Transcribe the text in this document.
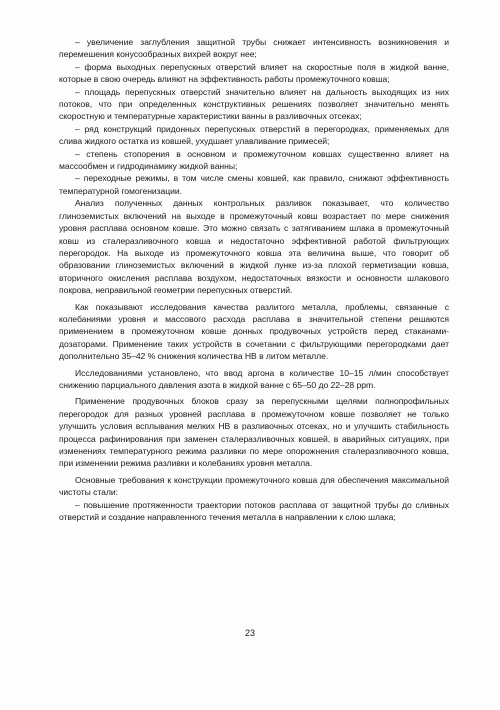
– увеличение заглубления защитной трубы снижает интенсивность возникновения и перемешения конусообразных вихрей вокруг нее;

– форма выходных перепускных отверстий влияет на скоростные поля в жидкой ванне, которые в свою очередь влияют на эффективность работы промежуточного ковша;

– площадь перепускных отверстий значительно влияет на дальность выходящих из них потоков, что при определенных конструктивных решениях позволяет значительно менять скоростную и температурные характеристики ванны в разливочных отсеках;

– ряд конструкций придонных перепускных отверстий в перегородках, применяемых для слива жидкого остатка из ковшей, ухудшает улавливание примесей;

– степень стопорения в основном и промежуточном ковшах существенно влияет на массообмен и гидродинамику жидкой ванны;

– переходные режимы, в том числе смены ковшей, как правило, снижают эффективность температурной гомогенизации.

Анализ полученных данных контрольных разливок показывает, что количество глиноземистых включений на выходе в промежуточный ковш возрастает по мере снижения уровня расплава основном ковше. Это можно связать с затягиванием шлака в промежуточный ковш из сталеразливочного ковша и недостаточно эффективной работой фильтрующих перегородок. На выходе из промежуточного ковша эта величина выше, что говорит об образовании глиноземистых включений в жидкой лунке из-за плохой герметизации ковша, вторичного окисления расплава воздухом, недостаточных вязкости и основности шлакового покрова, неправильной геометрии перепускных отверстий.

Как показывают исследования качества разлитого металла, проблемы, связанные с колебаниями уровня и массового расхода расплава в значительной степени решаются применением в промежуточном ковше донных продувочных устройств перед стаканами-дозаторами. Применение таких устройств в сочетании с фильтрующими перегородками дает дополнительно 35–42 % снижения количества НВ в литом металле.

Исследованиями установлено, что ввод аргона в количестве 10–15 л/мин способствует снижению парциального давления азота в жидкой ванне с 65–50 до 22–28 ppm.

Применение продувочных блоков сразу за перепускными щелями полнопрофильных перегородок для разных уровней расплава в промежуточном ковше позволяет не только улучшить условия всплывания мелких НВ в разливочных отсеках, но и улучшить стабильность процесса рафинирования при заменен сталеразливочных ковшей, в аварийных ситуациях, при изменениях температурного режима разливки по мере опорожнения сталеразливочного ковша, при изменении режима разливки и колебаниях уровня металла.

Основные требования к конструкции промежуточного ковша для обеспечения максимальной чистоты стали:

– повышение протяженности траектории потоков расплава от защитной трубы до сливных отверстий и создание направленного течения металла в направлении к слою шлака;

23
